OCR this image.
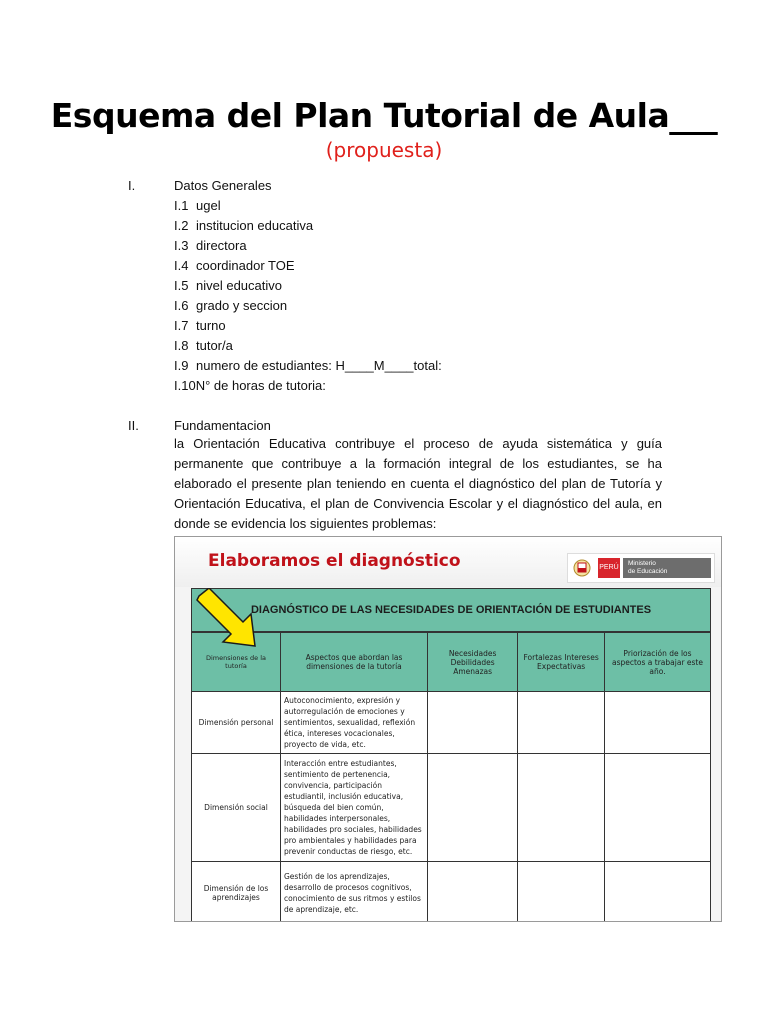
Esquema del Plan Tutorial de Aula___
(propuesta)
I.	Datos Generales
I.1 ugel
I.2 institucion educativa
I.3 directora
I.4 coordinador TOE
I.5 nivel educativo
I.6 grado y seccion
I.7 turno
I.8 tutor/a
I.9 numero de estudiantes: H____M____total:
I.10N° de horas de tutoria:
II.	Fundamentacion
la Orientación Educativa contribuye el proceso de ayuda sistemática y guía permanente que contribuye a la formación integral de los estudiantes, se ha elaborado el presente plan teniendo en cuenta el diagnóstico del plan de Tutoría y Orientación Educativa, el plan de Convivencia Escolar y el diagnóstico del aula, en donde se evidencia los siguientes problemas:
Elaboramos el diagnóstico	PERÚ
Ministerio
de Educación
DIAGNÓSTICO DE LAS NECESIDADES DE ORIENTACIÓN DE ESTUDIANTES
Dimensiones de la tutoría	Aspectos que abordan las dimensiones de la tutoría	Necesidades Debilidades Amenazas	Fortalezas Intereses Expectativas	Priorización de los aspectos a trabajar este año.
Dimensión personal	Autoconocimiento, expresión y autorregulación de emociones y sentimientos, sexualidad, reflexión ética, intereses vocacionales, proyecto de vida, etc.			
Dimensión social	Interacción entre estudiantes, sentimiento de pertenencia, convivencia, participación estudiantil, inclusión educativa, búsqueda del bien común, habilidades interpersonales, habilidades pro sociales, habilidades pro ambientales y habilidades para prevenir conductas de riesgo, etc.			
Dimensión de los aprendizajes	Gestión de los aprendizajes, desarrollo de procesos cognitivos, conocimiento de sus ritmos y estilos de aprendizaje, etc.			
